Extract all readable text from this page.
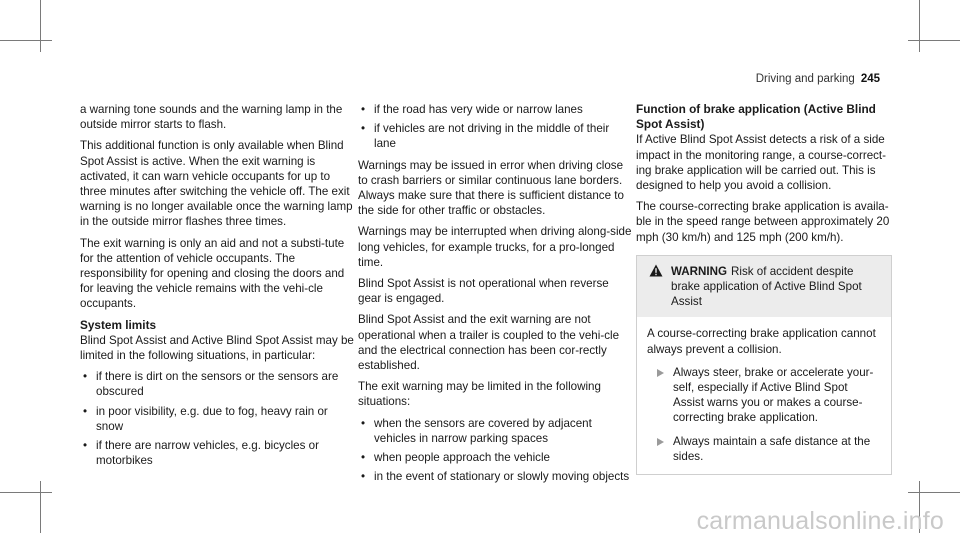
Driving and parking 245

a warning tone sounds and the warning lamp in the outside mirror starts to flash.

This additional function is only available when Blind Spot Assist is active. When the exit warning is activated, it can warn vehicle occupants for up to three minutes after switching the vehicle off. The exit warning is no longer available once the warning lamp in the outside mirror flashes three times.

The exit warning is only an aid and not a substi‐tute for the attention of vehicle occupants. The responsibility for opening and closing the doors and for leaving the vehicle remains with the vehi‐cle occupants.

System limits

Blind Spot Assist and Active Blind Spot Assist may be limited in the following situations, in particular:

• if there is dirt on the sensors or the sensors are obscured
• in poor visibility, e.g. due to fog, heavy rain or snow
• if there are narrow vehicles, e.g. bicycles or motorbikes
• if the road has very wide or narrow lanes
• if vehicles are not driving in the middle of their lane

Warnings may be issued in error when driving close to crash barriers or similar continuous lane borders. Always make sure that there is sufficient distance to the side for other traffic or obstacles.

Warnings may be interrupted when driving along‐side long vehicles, for example trucks, for a pro‐longed time.

Blind Spot Assist is not operational when reverse gear is engaged.

Blind Spot Assist and the exit warning are not operational when a trailer is coupled to the vehi‐cle and the electrical connection has been cor‐rectly established.

The exit warning may be limited in the following situations:

• when the sensors are covered by adjacent vehicles in narrow parking spaces
• when people approach the vehicle
• in the event of stationary or slowly moving objects
Function of brake application (Active Blind Spot Assist)

If Active Blind Spot Assist detects a risk of a side impact in the monitoring range, a course-correct‐ing brake application will be carried out. This is designed to help you avoid a collision.

The course-correcting brake application is availa‐ble in the speed range between approximately 20 mph (30 km/h) and 125 mph (200 km/h).

WARNING Risk of accident despite brake application of Active Blind Spot Assist

A course-correcting brake application cannot always prevent a collision.

Always steer, brake or accelerate your‐self, especially if Active Blind Spot Assist warns you or makes a course-correcting brake application.
Always maintain a safe distance at the sides.
carmanualsonline.info
